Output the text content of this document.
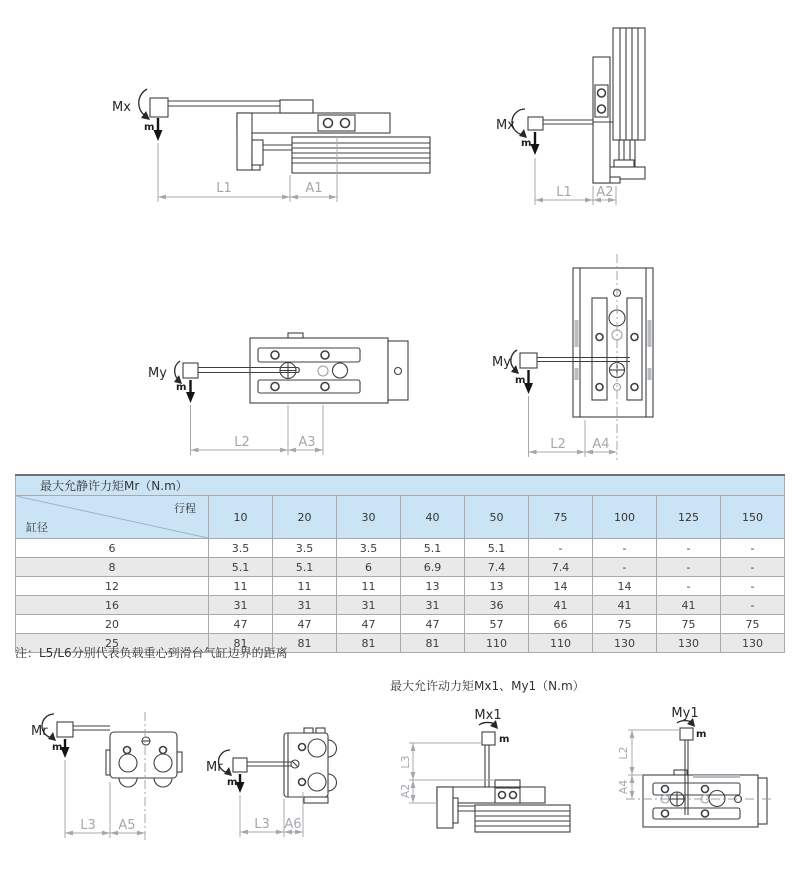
Mx
m
L1	A1
Mx
m
L1 A2
My
m
L2	A3
My
m
L2 A4
Mr
m
L3 A5
Mr
m
L3 A6
Mx1
m
L3
A2
My1
m
L2
A4
最大允静许力矩Mr（N.m）									

行程
缸径	10	20	30	40	50	75	100	125	150
6	3.5	3.5	3.5	5.1	5.1	-	-	-	-
8	5.1	5.1	6	6.9	7.4	7.4	-	-	-
12	11	11	11	13	13	14	14	-	-
16	31	31	31	31	36	41	41	41	-
20	47	47	47	47	57	66	75	75	75
25	81	81	81	81	110	110	130	130	130
注：L5/L6分别代表负载重心到滑台气缸边界的距离
最大允许动力矩Mx1、My1（N.m）
